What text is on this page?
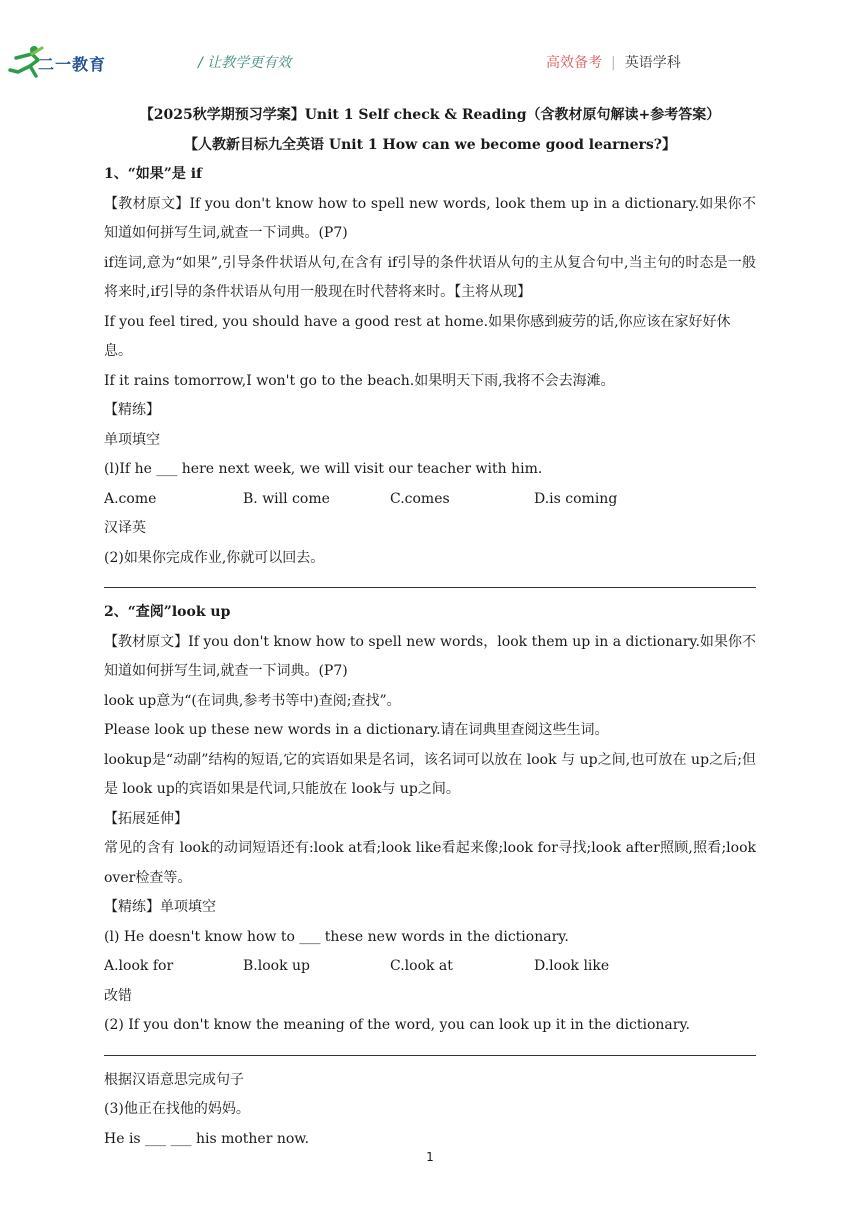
二一教育	/ 让教学更有效	高效备考 | 英语学科
【2025秋学期预习学案】Unit 1 Self check & Reading（含教材原句解读+参考答案）
【人教新目标九全英语 Unit 1 How can we become good learners?】
1、“如果”是 if
【教材原文】If you don't know how to spell new words, look them up in a dictionary.如果你不知道如何拼写生词,就查一下词典。(P7)
if连词,意为“如果”,引导条件状语从句,在含有 if引导的条件状语从句的主从复合句中,当主句的时态是一般将来时,if引导的条件状语从句用一般现在时代替将来时。【主将从现】
If you feel tired, you should have a good rest at home.如果你感到疲劳的话,你应该在家好好休息。
If it rains tomorrow,I won't go to the beach.如果明天下雨,我将不会去海滩。
【精练】
单项填空
(l)If he ___ here next week, we will visit our teacher with him.
A.come	B. will come	C.comes	D.is coming
汉译英
(2)如果你完成作业,你就可以回去。
2、“查阅”look up
【教材原文】If you don't know how to spell new words，look them up in a dictionary.如果你不知道如何拼写生词,就查一下词典。(P7)
look up意为“(在词典,参考书等中)查阅;查找”。
Please look up these new words in a dictionary.请在词典里查阅这些生词。
lookup是“动副”结构的短语,它的宾语如果是名词，该名词可以放在 look 与 up之间,也可放在 up之后;但是 look up的宾语如果是代词,只能放在 look与 up之间。
【拓展延伸】
常见的含有 look的动词短语还有:look at看;look like看起来像;look for寻找;look after照顾,照看;look over检查等。
【精练】单项填空
(l) He doesn't know how to ___ these new words in the dictionary.
A.look for	B.look up	C.look at	D.look like
改错
(2) If you don't know the meaning of the word, you can look up it in the dictionary.
根据汉语意思完成句子
(3)他正在找他的妈妈。
He is ___ ___ his mother now.
1
